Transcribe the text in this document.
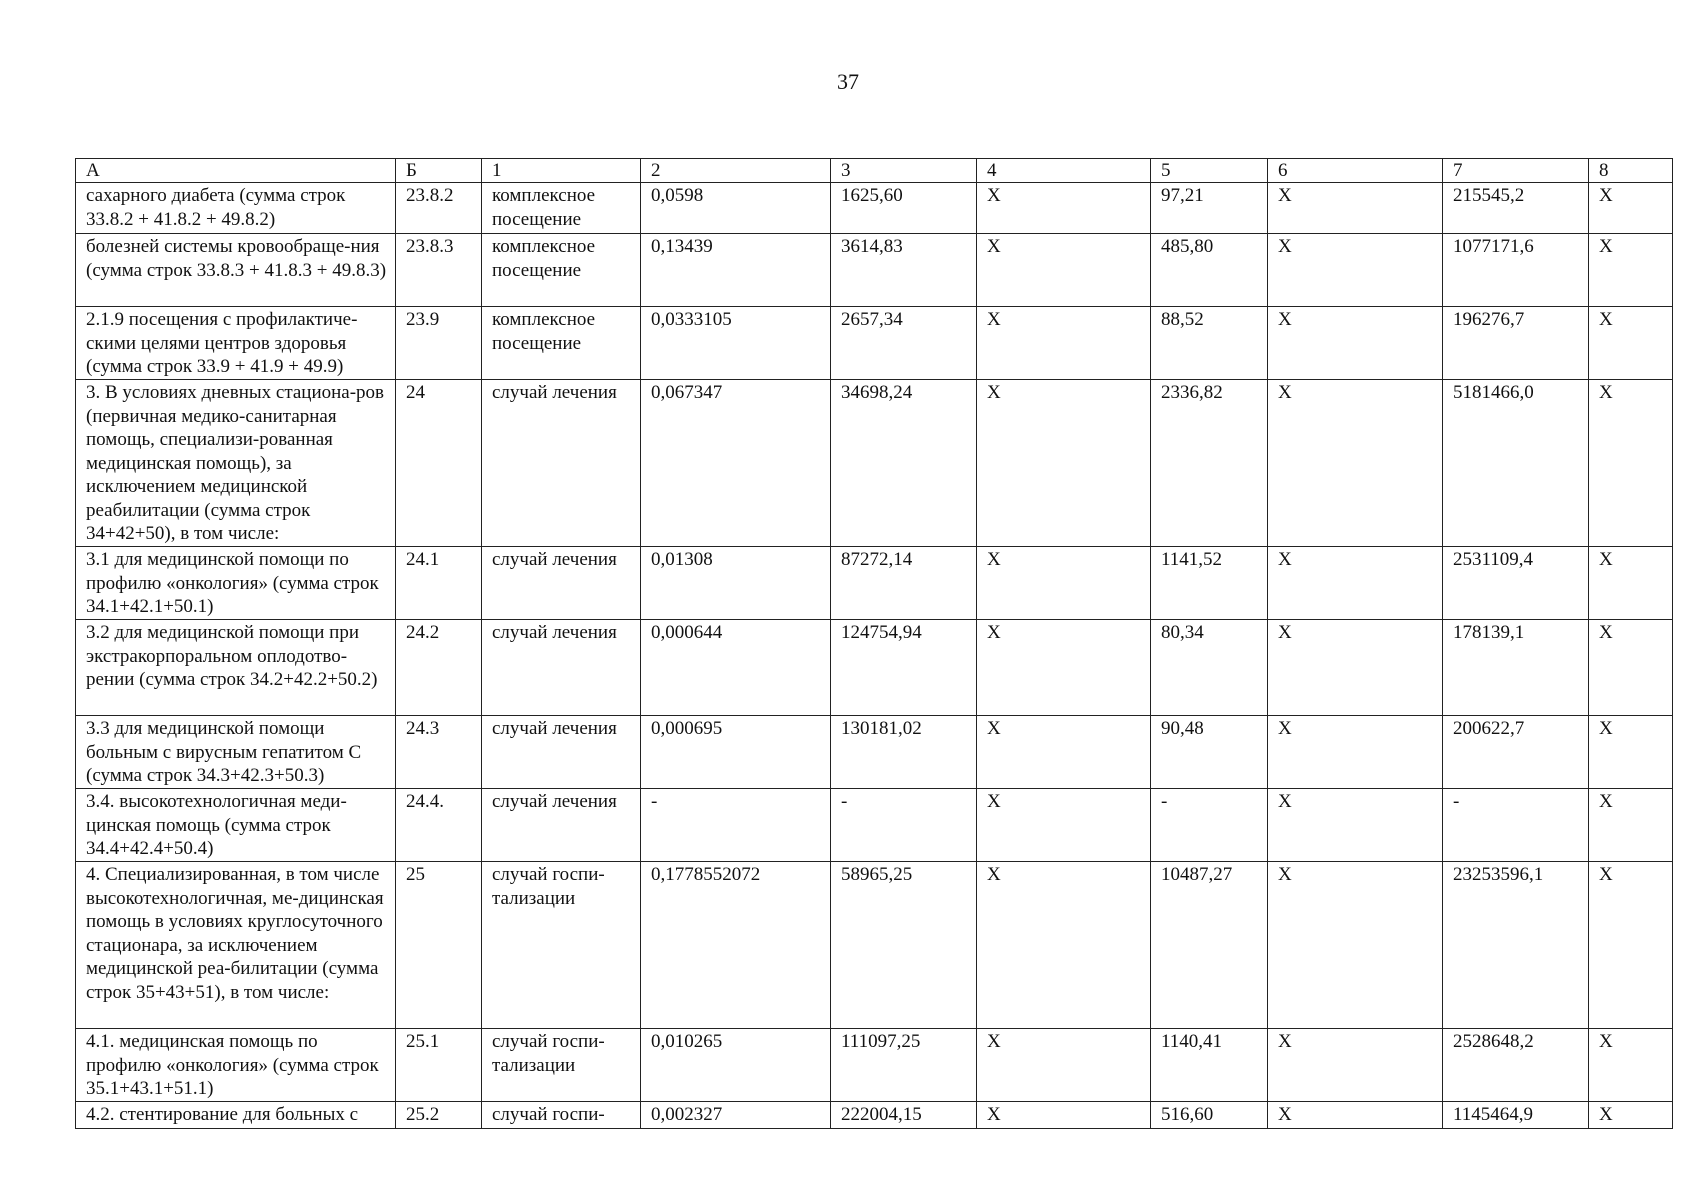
37
А	Б	1	2	3	4	5	6	7	8
сахарного диабета (сумма строк 33.8.2 + 41.8.2 + 49.8.2)	23.8.2	комплексное посещение	0,0598	1625,60	X	97,21	X	215545,2	X
болезней системы кровообраще-ния (сумма строк 33.8.3 + 41.8.3 + 49.8.3)	23.8.3	комплексное посещение	0,13439	3614,83	X	485,80	X	1077171,6	X
2.1.9 посещения с профилактиче-скими целями центров здоровья (сумма строк 33.9 + 41.9 + 49.9)	23.9	комплексное посещение	0,0333105	2657,34	X	88,52	X	196276,7	X
3. В условиях дневных стациона-ров (первичная медико-санитарная помощь, специализи-рованная медицинская помощь), за исключением медицинской реабилитации (сумма строк 34+42+50), в том числе:	24	случай лечения	0,067347	34698,24	X	2336,82	X	5181466,0	X
3.1 для медицинской помощи по профилю «онкология» (сумма строк 34.1+42.1+50.1)	24.1	случай лечения	0,01308	87272,14	X	1141,52	X	2531109,4	X
3.2 для медицинской помощи при экстракорпоральном оплодотво-рении (сумма строк 34.2+42.2+50.2)	24.2	случай лечения	0,000644	124754,94	X	80,34	X	178139,1	X
3.3 для медицинской помощи больным с вирусным гепатитом С (сумма строк 34.3+42.3+50.3)	24.3	случай лечения	0,000695	130181,02	X	90,48	X	200622,7	X
3.4. высокотехнологичная меди-цинская помощь (сумма строк 34.4+42.4+50.4)	24.4.	случай лечения	-	-	X	-	X	-	X
4. Специализированная, в том числе высокотехнологичная, ме-дицинская помощь в условиях круглосуточного стационара, за исключением медицинской реа-билитации (сумма строк 35+43+51), в том числе:	25	случай госпи-тализации	0,1778552072	58965,25	X	10487,27	X	23253596,1	X
4.1. медицинская помощь по профилю «онкология» (сумма строк 35.1+43.1+51.1)	25.1	случай госпи-тализации	0,010265	111097,25	X	1140,41	X	2528648,2	X
4.2. стентирование для больных с	25.2	случай госпи-	0,002327	222004,15	X	516,60	X	1145464,9	X
